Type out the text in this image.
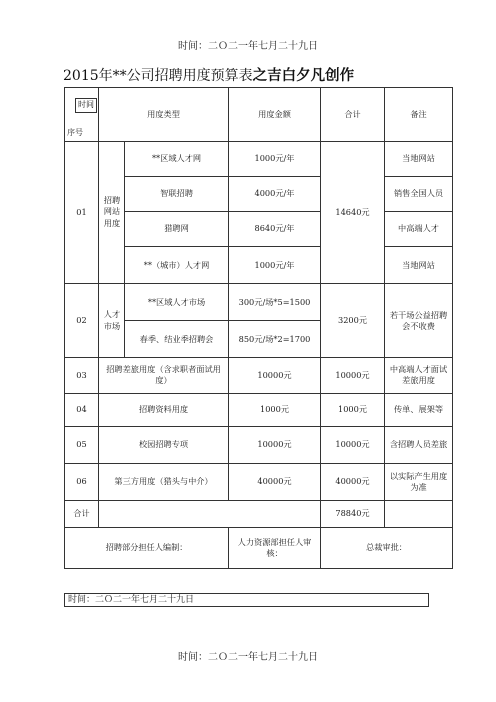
时间：二Ｏ二一年七月二十九日
2015年**公司招聘用度预算表之吉白夕凡创作
时间
序号	用度类型		用度金额	合计	备注
01	招聘网站用度	**区域人才网	1000元/年	14640元	当地网站
		智联招聘	4000元/年		销售全国人员
		猎聘网	8640元/年		中高端人才
		**（城市）人才网	1000元/年		当地网站
02	人才市场	**区域人才市场	300元/场*5=1500	3200元	若干场公益招聘会不收费
		春季、结业季招聘会	850元/场*2=1700		
03	招聘差旅用度（含求职者面试用度）		10000元	10000元	中高端人才面试差旅用度
04	招聘资料用度		1000元	1000元	传单、展架等
05	校园招聘专项		10000元	10000元	含招聘人员差旅
06	第三方用度（猎头与中介）		40000元	40000元	以实际产生用度为准
合计				78840元	
招聘部分担任人编制：			人力资源部担任人审核：	总裁审批：	
时间：二Ｏ二一年七月二十九日
时间：二Ｏ二一年七月二十九日
